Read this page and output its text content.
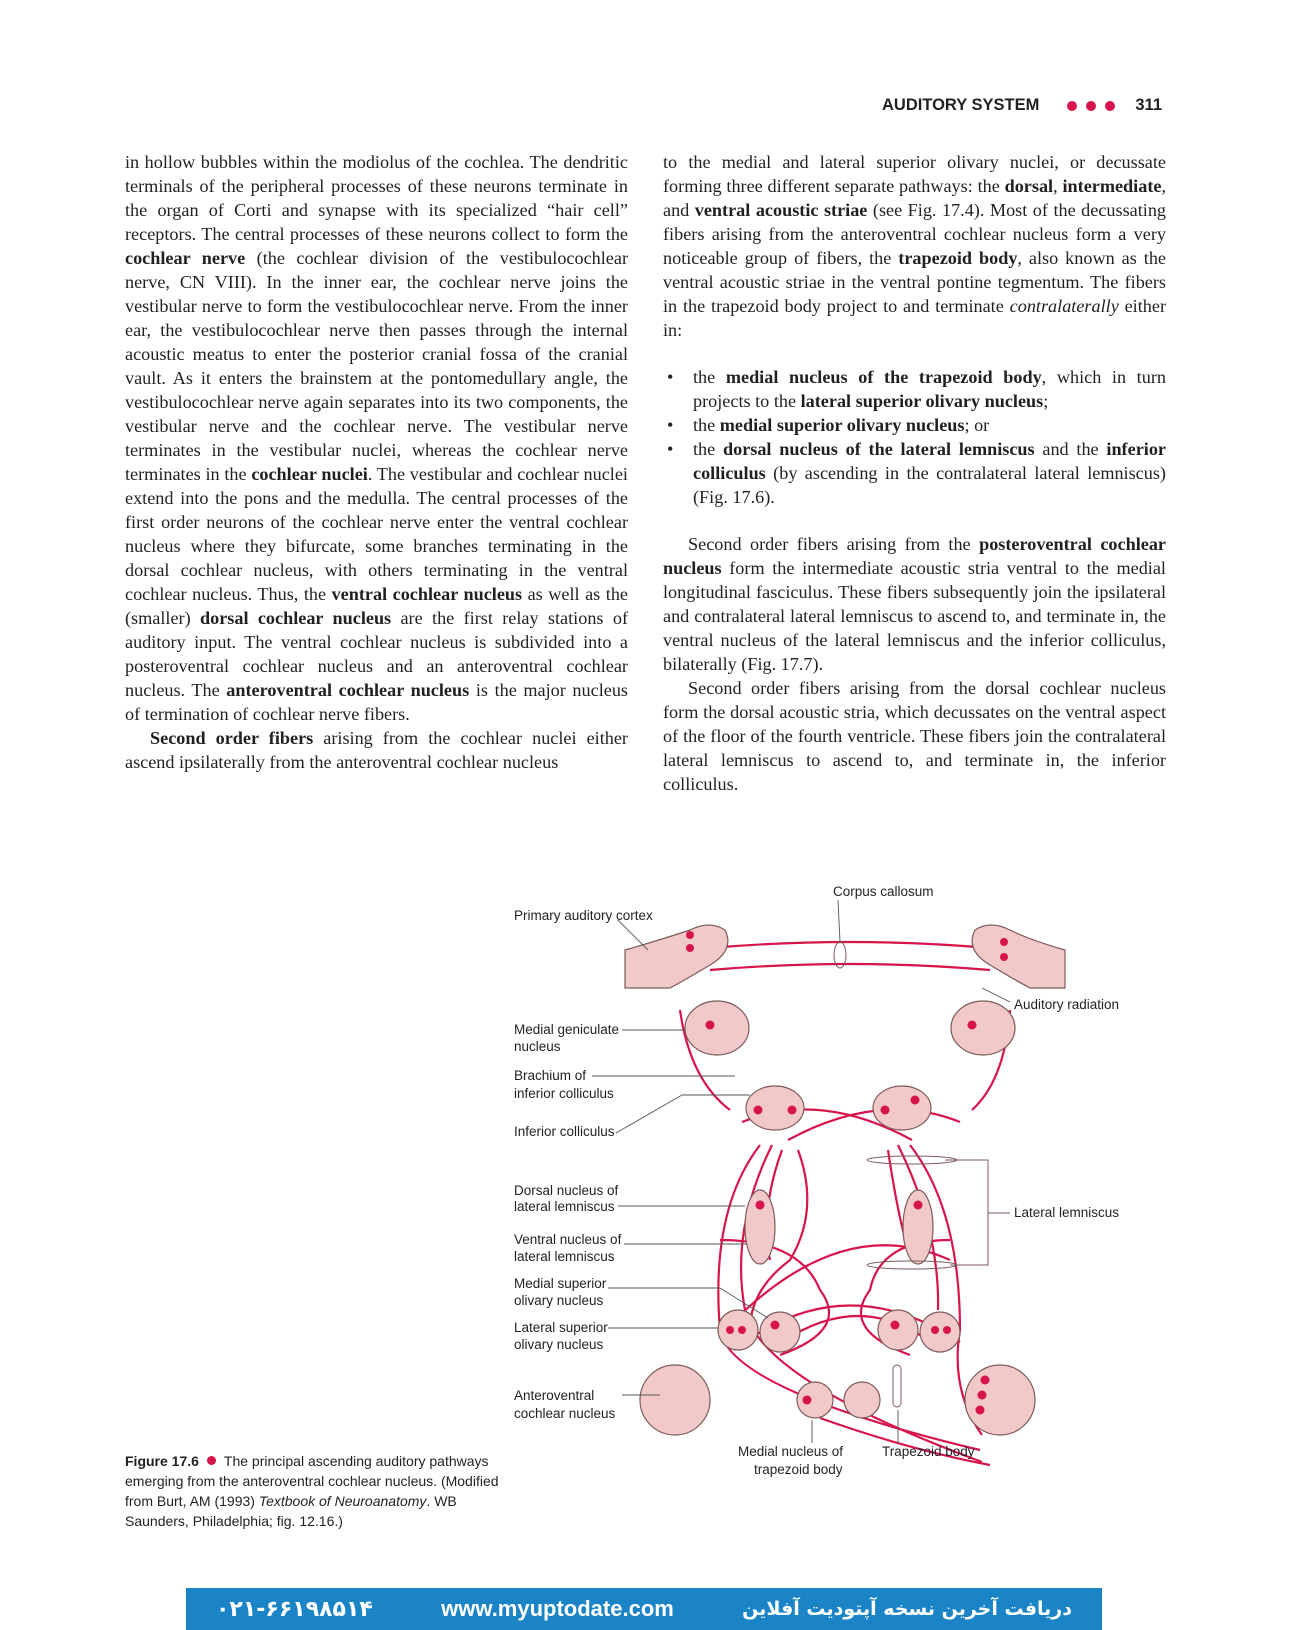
AUDITORY SYSTEM	311

in hollow bubbles within the modiolus of the cochlea. The dendritic terminals of the peripheral processes of these neurons terminate in the organ of Corti and synapse with its specialized “hair cell” receptors. The central processes of these neurons collect to form the cochlear nerve (the cochlear division of the vestibulocochlear nerve, CN VIII). In the inner ear, the cochlear nerve joins the vestibular nerve to form the vestibulocochlear nerve. From the inner ear, the vestibulocochlear nerve then passes through the internal acoustic meatus to enter the posterior cranial fossa of the cranial vault. As it enters the brainstem at the pontomedullary angle, the vestibulocochlear nerve again separates into its two components, the vestibular nerve and the cochlear nerve. The vestibular nerve terminates in the vestibular nuclei, whereas the cochlear nerve terminates in the cochlear nuclei. The vestibular and cochlear nuclei extend into the pons and the medulla. The central processes of the first order neurons of the cochlear nerve enter the ventral cochlear nucleus where they bifurcate, some branches terminating in the dorsal cochlear nucleus, with others terminating in the ventral cochlear nucleus. Thus, the ventral cochlear nucleus as well as the (smaller) dorsal cochlear nucleus are the first relay stations of auditory input. The ventral cochlear nucleus is subdivided into a posteroventral cochlear nucleus and an anteroventral cochlear nucleus. The anteroventral cochlear nucleus is the major nucleus of termination of cochlear nerve fibers.

Second order fibers arising from the cochlear nuclei either ascend ipsilaterally from the anteroventral cochlear nucleus

to the medial and lateral superior olivary nuclei, or decussate forming three different separate pathways: the dorsal, intermediate, and ventral acoustic striae (see Fig. 17.4). Most of the decussating fibers arising from the anteroventral cochlear nucleus form a very noticeable group of fibers, the trapezoid body, also known as the ventral acoustic striae in the ventral pontine tegmentum. The fibers in the trapezoid body project to and terminate contralaterally either in:

• the medial nucleus of the trapezoid body, which in turn projects to the lateral superior olivary nucleus;
• the medial superior olivary nucleus; or
• the dorsal nucleus of the lateral lemniscus and the inferior colliculus (by ascending in the contralateral lateral lemniscus) (Fig. 17.6).

Second order fibers arising from the posteroventral cochlear nucleus form the intermediate acoustic stria ventral to the medial longitudinal fasciculus. These fibers subsequently join the ipsilateral and contralateral lateral lemniscus to ascend to, and terminate in, the ventral nucleus of the lateral lemniscus and the inferior colliculus, bilaterally (Fig. 17.7).

Second order fibers arising from the dorsal cochlear nucleus form the dorsal acoustic stria, which decussates on the ventral aspect of the floor of the fourth ventricle. These fibers join the contralateral lateral lemniscus to ascend to, and terminate in, the inferior colliculus.

Corpus callosum
Primary auditory cortex
Auditory radiation
Medial geniculate
nucleus
Brachium of
inferior colliculus
Inferior colliculus
Dorsal nucleus of
lateral lemniscus
Ventral nucleus of
lateral lemniscus
Lateral lemniscus
Medial superior
olivary nucleus
Lateral superior
olivary nucleus
Anteroventral
cochlear nucleus
Medial nucleus of
trapezoid body
Trapezoid body
Figure 17.6 The principal ascending auditory pathways emerging from the anteroventral cochlear nucleus. (Modified from Burt, AM (1993) Textbook of Neuroanatomy. WB Saunders, Philadelphia; fig. 12.16.)
۰۲۱-۶۶۱۹۸۵۱۴	www.myuptodate.com	دریافت آخرین نسخه آپتودیت آفلاین
